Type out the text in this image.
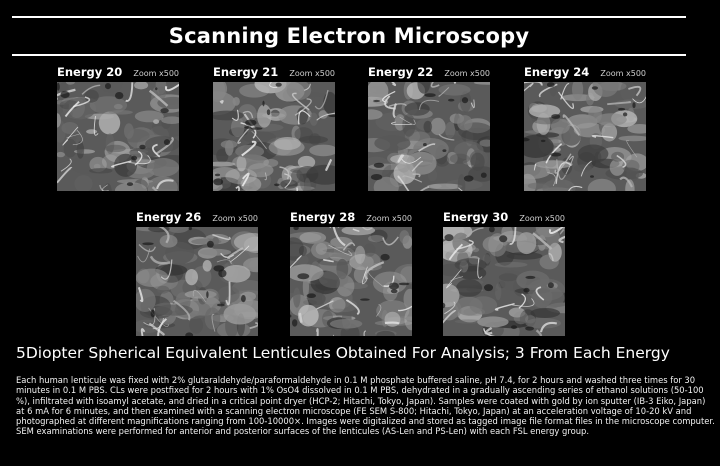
Scanning Electron Microscopy
Energy 20 Zoom x500	Energy 21 Zoom x500	Energy 22 Zoom x500	Energy 24 Zoom x500
Energy 26 Zoom x500	Energy 28 Zoom x500	Energy 30 Zoom x500
5Diopter Spherical Equivalent Lenticules Obtained For Analysis; 3 From Each Energy
Each human lenticule was fixed with 2% glutaraldehyde/paraformaldehyde in 0.1 M phosphate buffered saline, pH 7.4, for 2 hours and washed three times for 30 minutes in 0.1 M PBS. CLs were postfixed for 2 hours with 1% OsO4 dissolved in 0.1 M PBS, dehydrated in a gradually ascending series of ethanol solutions (50-100 %), infiltrated with isoamyl acetate, and dried in a critical point dryer (HCP-2; Hitachi, Tokyo, Japan). Samples were coated with gold by ion sputter (IB-3 Eiko, Japan) at 6 mA for 6 minutes, and then examined with a scanning electron microscope (FE SEM S-800; Hitachi, Tokyo, Japan) at an acceleration voltage of 10-20 kV and photographed at different magnifications ranging from 100-10000×. Images were digitalized and stored as tagged image file format files in the microscope computer. SEM examinations were performed for anterior and posterior surfaces of the lenticules (AS-Len and PS-Len) with each FSL energy group.
